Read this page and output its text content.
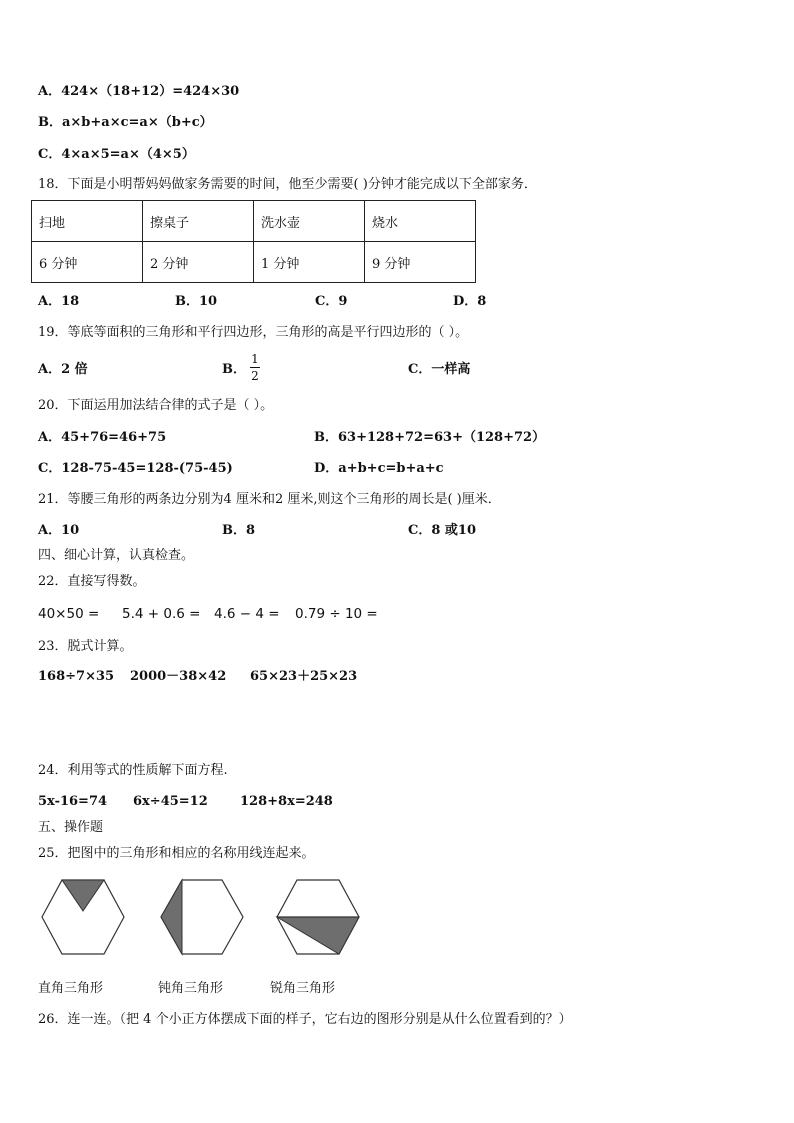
A．424×（18+12）=424×30
B．a×b+a×c=a×（b+c）
C．4×a×5=a×（4×5）
18．下面是小明帮妈妈做家务需要的时间，他至少需要( )分钟才能完成以下全部家务．
扫地	擦桌子	洗水壶	烧水
6 分钟	2 分钟	1 分钟	9 分钟
A．18	B．10	C．9	D．8
19．等底等面积的三角形和平行四边形，三角形的高是平行四边形的（ ）。
A．2 倍	B．
1
2	C．一样高
20．下面运用加法结合律的式子是（ ）。
A．45+76=46+75	B．63+128+72=63+（128+72）
C．128-75-45=128-(75-45)	D．a+b+c=b+a+c
21．等腰三角形的两条边分别为4 厘米和2 厘米,则这个三角形的周长是( )厘米．
A．10	B．8	C．8 或10
四、细心计算，认真检查。
22．直接写得数。
40×50 = 5.4 + 0.6 = 4.6 − 4 = 0.79 ÷ 10 =
23．脱式计算。
168÷7×35 2000－38×42 65×23＋25×23
24．利用等式的性质解下面方程.
5x-16=74 6x÷45=12 128+8x=248
五、操作题
25．把图中的三角形和相应的名称用线连起来。
直角三角形	钝角三角形	锐角三角形
26．连一连。（把 4 个小正方体摆成下面的样子，它右边的图形分别是从什么位置看到的？）
